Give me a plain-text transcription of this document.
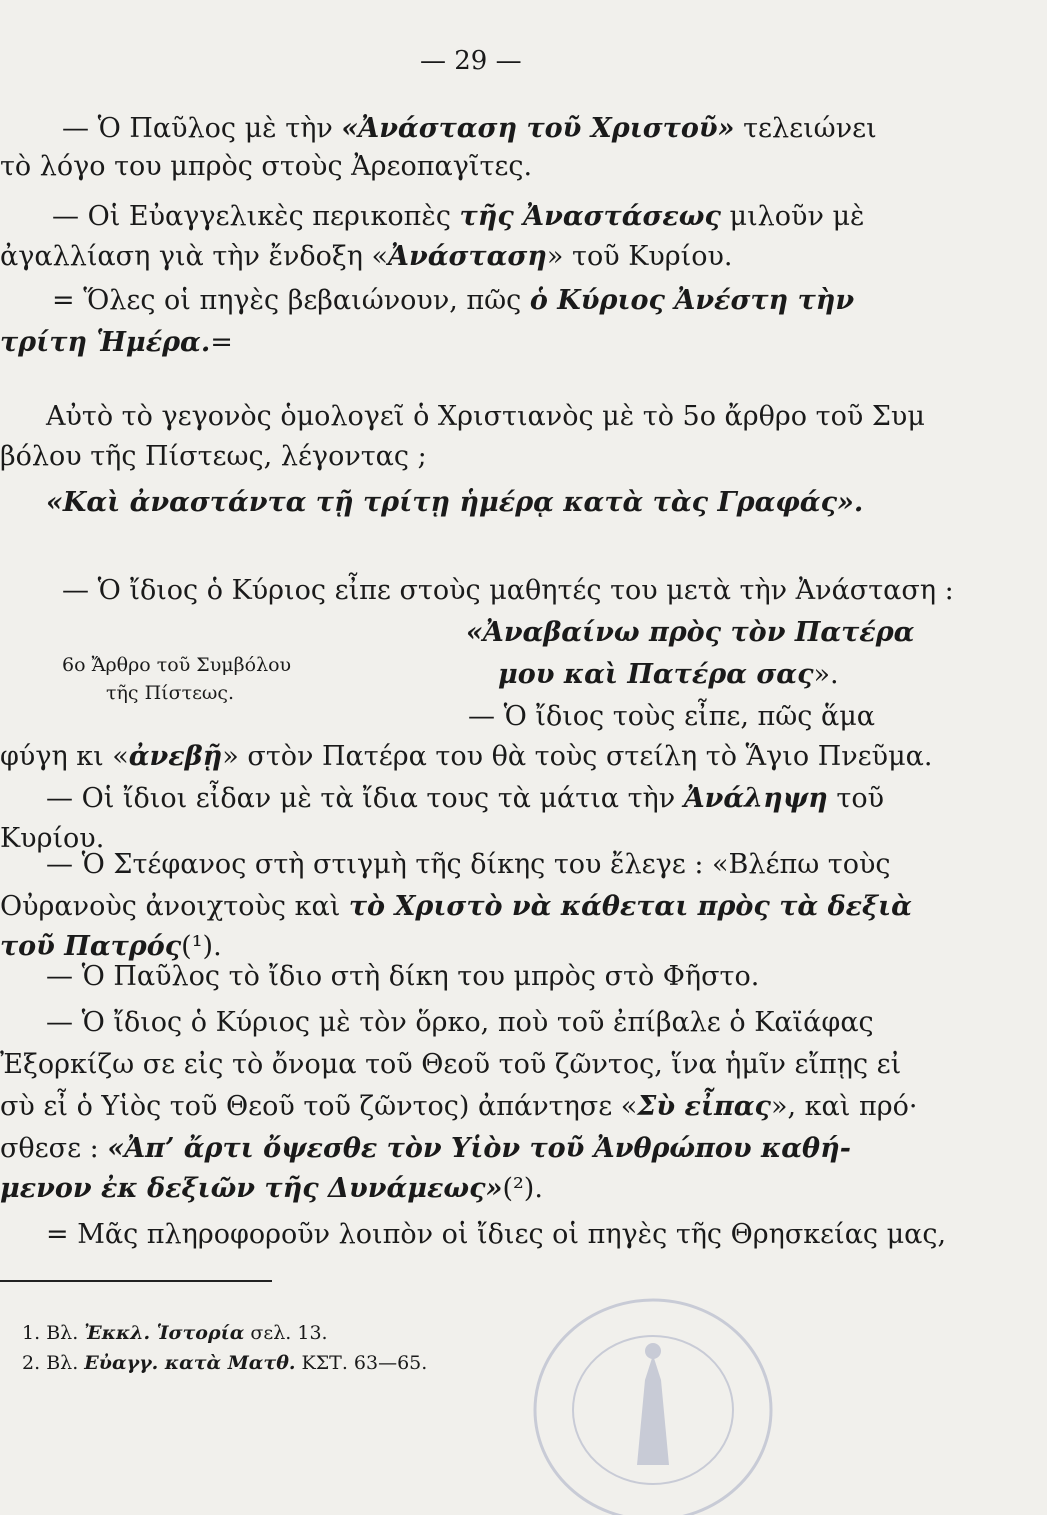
— 29 —
— Ὁ Παῦλος μὲ τὴν «Ἀνάσταση τοῦ Χριστοῦ» τελειώνει
τὸ λόγο του μπρὸς στοὺς Ἀρεοπαγῖτες.
— Οἱ Εὐαγγελικὲς περικοπὲς τῆς Ἀναστάσεως μιλοῦν μὲ
ἀγαλλίαση γιὰ τὴν ἔνδοξη «Ἀνάσταση» τοῦ Κυρίου.
= Ὅλες οἱ πηγὲς βεβαιώνουν, πῶς ὁ Κύριος Ἀνέστη τὴν
τρίτη Ἡμέρα.=
Αὐτὸ τὸ γεγονὸς ὁμολογεῖ ὁ Χριστιανὸς μὲ τὸ 5ο ἄρθρο τοῦ Συμ
βόλου τῆς Πίστεως, λέγοντας ;
«Καὶ ἀναστάντα τῇ τρίτῃ ἡμέρᾳ κατὰ τὰς Γραφάς».
— Ὁ ἴδιος ὁ Κύριος εἶπε στοὺς μαθητές του μετὰ τὴν Ἀνάσταση :
«Ἀναβαίνω πρὸς τὸν Πατέρα
6ο Ἄρθρο τοῦ Συμβόλου
τῆς Πίστεως.
μου καὶ Πατέρα σας».
— Ὁ ἴδιος τοὺς εἶπε, πῶς ἅμα
φύγη κι «ἀνεβῇ» στὸν Πατέρα του θὰ τοὺς στείλη τὸ Ἅγιο Πνεῦμα.
— Οἱ ἴδιοι εἶδαν μὲ τὰ ἴδια τους τὰ μάτια τὴν Ἀνάληψη τοῦ
Κυρίου.
— Ὁ Στέφανος στὴ στιγμὴ τῆς δίκης του ἔλεγε : «Βλέπω τοὺς
Οὐρανοὺς ἀνοιχτοὺς καὶ τὸ Χριστὸ νὰ κάθεται πρὸς τὰ δεξιὰ
τοῦ Πατρός(¹).
— Ὁ Παῦλος τὸ ἴδιο στὴ δίκη του μπρὸς στὸ Φῆστο.
— Ὁ ἴδιος ὁ Κύριος μὲ τὸν ὅρκο, ποὺ τοῦ ἐπίβαλε ὁ Καϊάφας
Ἐξορκίζω σε εἰς τὸ ὄνομα τοῦ Θεοῦ τοῦ ζῶντος, ἵνα ἡμῖν εἴπῃς εἰ
σὺ εἶ ὁ Υἱὸς τοῦ Θεοῦ τοῦ ζῶντος) ἀπάντησε «Σὺ εἶπας», καὶ πρό·
σθεσε : «Ἀπ’ ἄρτι ὄψεσθε τὸν Υἱὸν τοῦ Ἀνθρώπου καθή-
μενον ἐκ δεξιῶν τῆς Δυνάμεως»(²).
= Μᾶς πληροφοροῦν λοιπὸν οἱ ἴδιες οἱ πηγὲς τῆς Θρησκείας μας,
1. Βλ. Ἐκκλ. Ἱστορία σελ. 13.
2. Βλ. Εὐαγγ. κατὰ Ματθ. ΚΣΤ. 63—65.
